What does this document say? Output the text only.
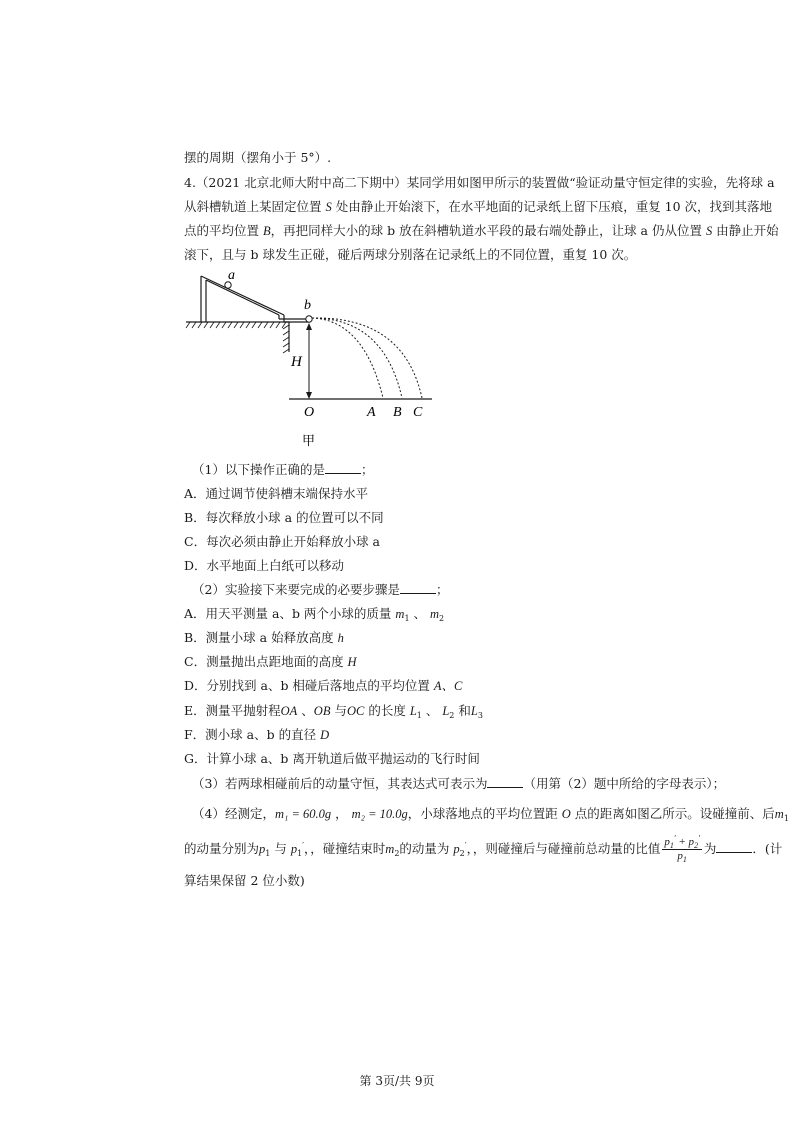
摆的周期（摆角小于 5°）.
4.（2021 北京北师大附中高二下期中）某同学用如图甲所示的装置做“验证动量守恒定律的实验，先将球 a
从斜槽轨道上某固定位置 S 处由静止开始滚下，在水平地面的记录纸上留下压痕，重复 10 次，找到其落地
点的平均位置 B，再把同样大小的球 b 放在斜槽轨道水平段的最右端处静止，让球 a 仍从位置 S 由静止开始
滚下，且与 b 球发生正碰，碰后两球分别落在记录纸上的不同位置，重复 10 次。
a
b
H
O	A B C
甲
（1）以下操作正确的是	；
A．通过调节使斜槽末端保持水平
B．每次释放小球 a 的位置可以不同
C．每次必须由静止开始释放小球 a
D．水平地面上白纸可以移动
（2）实验接下来要完成的必要步骤是	；
A．用天平测量 a、b 两个小球的质量 $m_1$ 、 $m_2$
B．测量小球 a 始释放高度 h
C．测量抛出点距地面的高度 H
D．分别找到 a、b 相碰后落地点的平均位置 A、C
E．测量平抛射程OA 、OB 与OC 的长度 $L_1$ 、 $L_2$ 和$L_3$
F．测小球 a、b 的直径 D
G．计算小球 a、b 离开轨道后做平抛运动的飞行时间
（3）若两球相碰前后的动量守恒，其表达式可表示为	（用第（2）题中所给的字母表示）；
（4）经测定，m₁ = 60.0g ， m₂ = 10.0g，小球落地点的平均位置距 O 点的距离如图乙所示。设碰撞前、后$m_1$
的动量分别为$p_1$ 与 $p_1'$，，碰撞结束时$m_2$的动量为 $p_2'$，，则碰撞后与碰撞前总动量的比值 $\frac{p_1' + p_2'}{p_1}$ 为	．(计
算结果保留 2 位小数)
第 3页/共 9页
